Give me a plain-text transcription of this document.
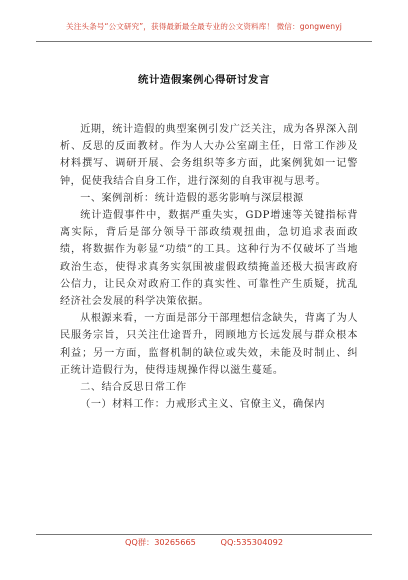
关注头条号“公文研究”，获得最新最全最专业的公文资料库！ 微信：gongwenyj
统计造假案例心得研讨发言

近期，统计造假的典型案例引发广泛关注，成为各界深入剖析、反思的反面教材。作为人大办公室副主任，日常工作涉及材料撰写、调研开展、会务组织等多方面，此案例犹如一记警钟，促使我结合自身工作，进行深刻的自我审视与思考。

一、案例剖析：统计造假的恶劣影响与深层根源

统计造假事件中，数据严重失实，GDP增速等关键指标背离实际，背后是部分领导干部政绩观扭曲，急切追求表面政绩，将数据作为彰显“功绩”的工具。这种行为不仅破坏了当地政治生态，使得求真务实氛围被虚假政绩掩盖还极大损害政府公信力，让民众对政府工作的真实性、可靠性产生质疑，扰乱经济社会发展的科学决策依据。

从根源来看，一方面是部分干部理想信念缺失，背离了为人民服务宗旨，只关注仕途晋升，罔顾地方长远发展与群众根本利益；另一方面，监督机制的缺位或失效，未能及时制止、纠正统计造假行为，使得违规操作得以滋生蔓延。

二、结合反思日常工作

（一）材料工作：力戒形式主义、官僚主义，确保内

QQ群：30265665	QQ:535304092
